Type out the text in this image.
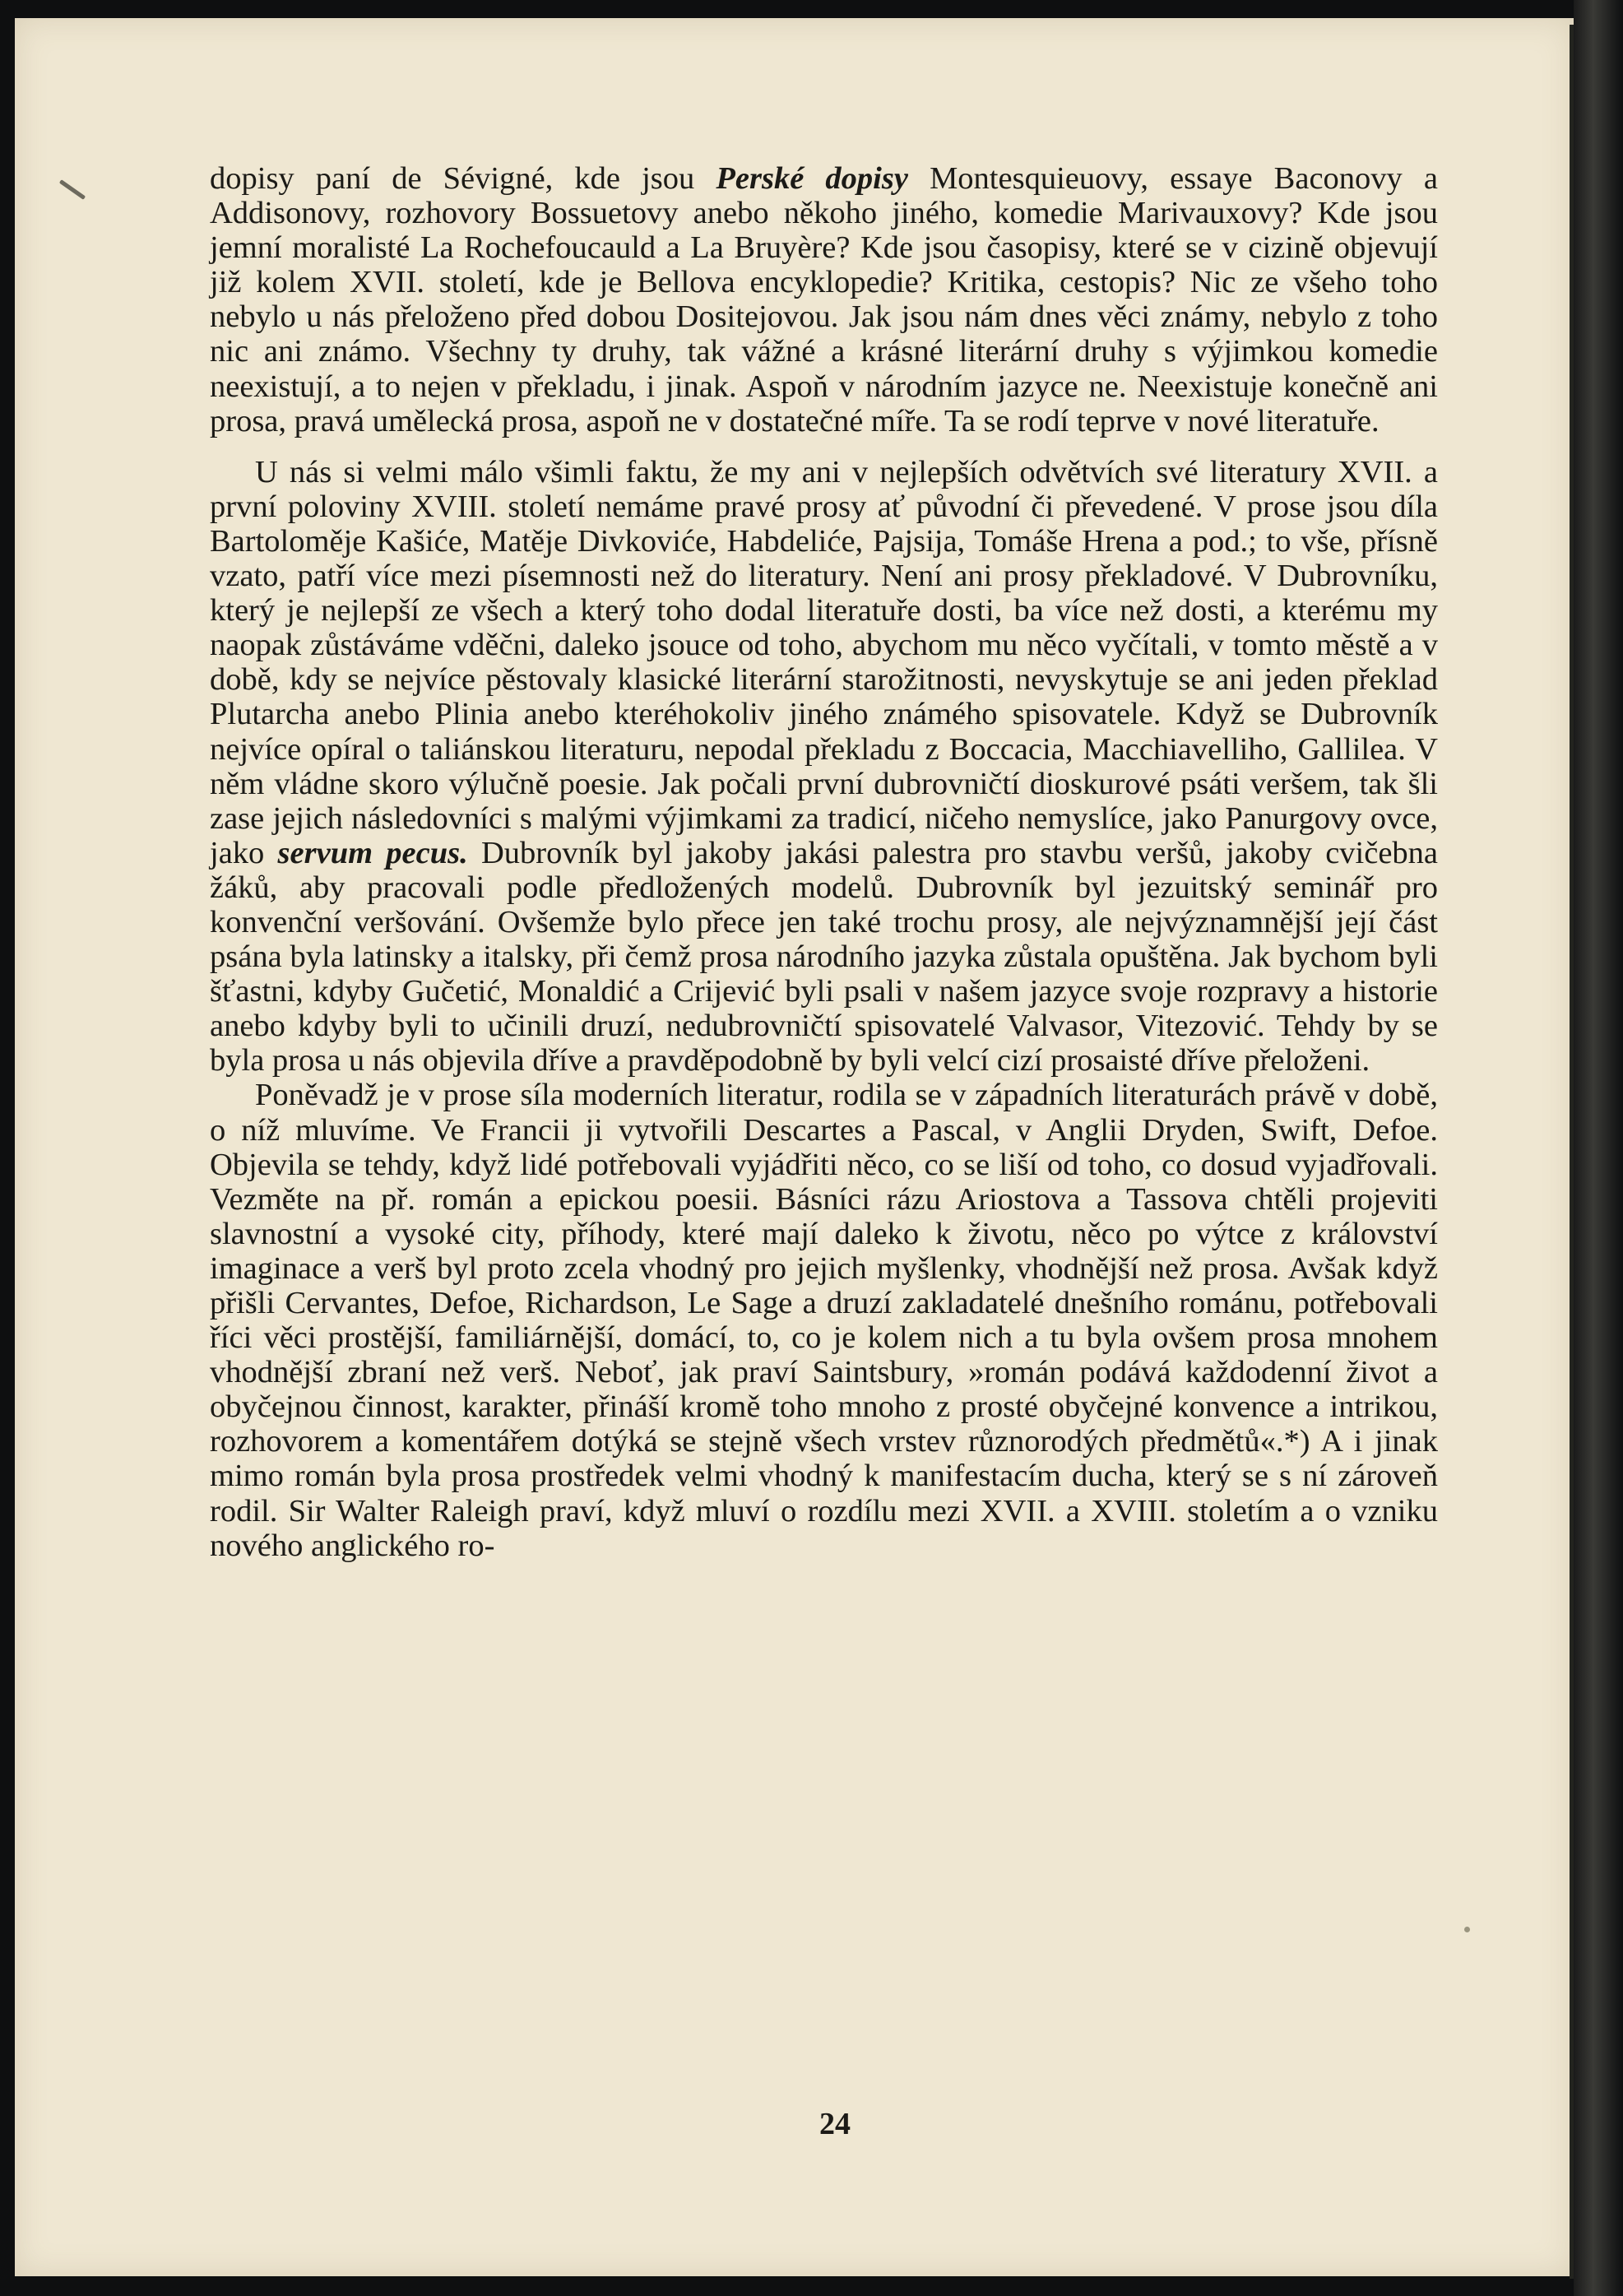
dopisy paní de Sévigné, kde jsou Perské dopisy Montesquieuovy, essaye Baconovy a Addisonovy, rozhovory Bossuetovy anebo někoho jiného, komedie Marivauxovy? Kde jsou jemní moralisté La Rochefoucauld a La Bruyère? Kde jsou časopisy, které se v cizině objevují již kolem XVII. století, kde je Bellova encyklopedie? Kritika, cestopis? Nic ze všeho toho nebylo u nás přeloženo před dobou Dositejovou. Jak jsou nám dnes věci známy, nebylo z toho nic ani známo. Všechny ty druhy, tak vážné a krásné literární druhy s výjimkou komedie neexistují, a to nejen v překladu, i jinak. Aspoň v národním jazyce ne. Neexistuje konečně ani prosa, pravá umělecká prosa, aspoň ne v dostatečné míře. Ta se rodí teprve v nové literatuře.

U nás si velmi málo všimli faktu, že my ani v nejlepších odvětvích své literatury XVII. a první poloviny XVIII. století nemáme pravé prosy ať původní či převedené. V prose jsou díla Bartoloměje Kašiće, Matěje Divkoviće, Habdeliće, Pajsija, Tomáše Hrena a pod.; to vše, přísně vzato, patří více mezi písemnosti než do literatury. Není ani prosy překladové. V Dubrovníku, který je nejlepší ze všech a který toho dodal literatuře dosti, ba více než dosti, a kterému my naopak zůstáváme vděčni, daleko jsouce od toho, abychom mu něco vyčítali, v tomto městě a v době, kdy se nejvíce pěstovaly klasické literární starožitnosti, nevyskytuje se ani jeden překlad Plutarcha anebo Plinia anebo kteréhokoliv jiného známého spisovatele. Když se Dubrovník nejvíce opíral o taliánskou literaturu, nepodal překladu z Boccacia, Macchiavelliho, Gallilea. V něm vládne skoro výlučně poesie. Jak počali první dubrovničtí dioskurové psáti veršem, tak šli zase jejich následovníci s malými výjimkami za tradicí, ničeho nemyslíce, jako Panurgovy ovce, jako servum pecus. Dubrovník byl jakoby jakási palestra pro stavbu veršů, jakoby cvičebna žáků, aby pracovali podle předložených modelů. Dubrovník byl jezuitský seminář pro konvenční veršování. Ovšemže bylo přece jen také trochu prosy, ale nejvýznamnější její část psána byla latinsky a italsky, při čemž prosa národního jazyka zůstala opuštěna. Jak bychom byli šťastni, kdyby Gučetić, Monaldić a Crijević byli psali v našem jazyce svoje rozpravy a historie anebo kdyby byli to učinili druzí, nedubrovničtí spisovatelé Valvasor, Vitezović. Tehdy by se byla prosa u nás objevila dříve a pravděpodobně by byli velcí cizí prosaisté dříve přeloženi.

Poněvadž je v prose síla moderních literatur, rodila se v západních literaturách právě v době, o níž mluvíme. Ve Francii ji vytvořili Descartes a Pascal, v Anglii Dryden, Swift, Defoe. Objevila se tehdy, když lidé potřebovali vyjádřiti něco, co se liší od toho, co dosud vyjadřovali. Vezměte na př. román a epickou poesii. Básníci rázu Ariostova a Tassova chtěli projeviti slavnostní a vysoké city, příhody, které mají daleko k životu, něco po výtce z království imaginace a verš byl proto zcela vhodný pro jejich myšlenky, vhodnější než prosa. Avšak když přišli Cervantes, Defoe, Richardson, Le Sage a druzí zakladatelé dnešního románu, potřebovali říci věci prostější, familiárnější, domácí, to, co je kolem nich a tu byla ovšem prosa mnohem vhodnější zbraní než verš. Neboť, jak praví Saintsbury, »román podává každodenní život a obyčejnou činnost, karakter, přináší kromě toho mnoho z prosté obyčejné konvence a intrikou, rozhovorem a komentářem dotýká se stejně všech vrstev různorodých předmětů«.*) A i jinak mimo román byla prosa prostředek velmi vhodný k manifestacím ducha, který se s ní zároveň rodil. Sir Walter Raleigh praví, když mluví o rozdílu mezi XVII. a XVIII. stoletím a o vzniku nového anglického ro-

24
